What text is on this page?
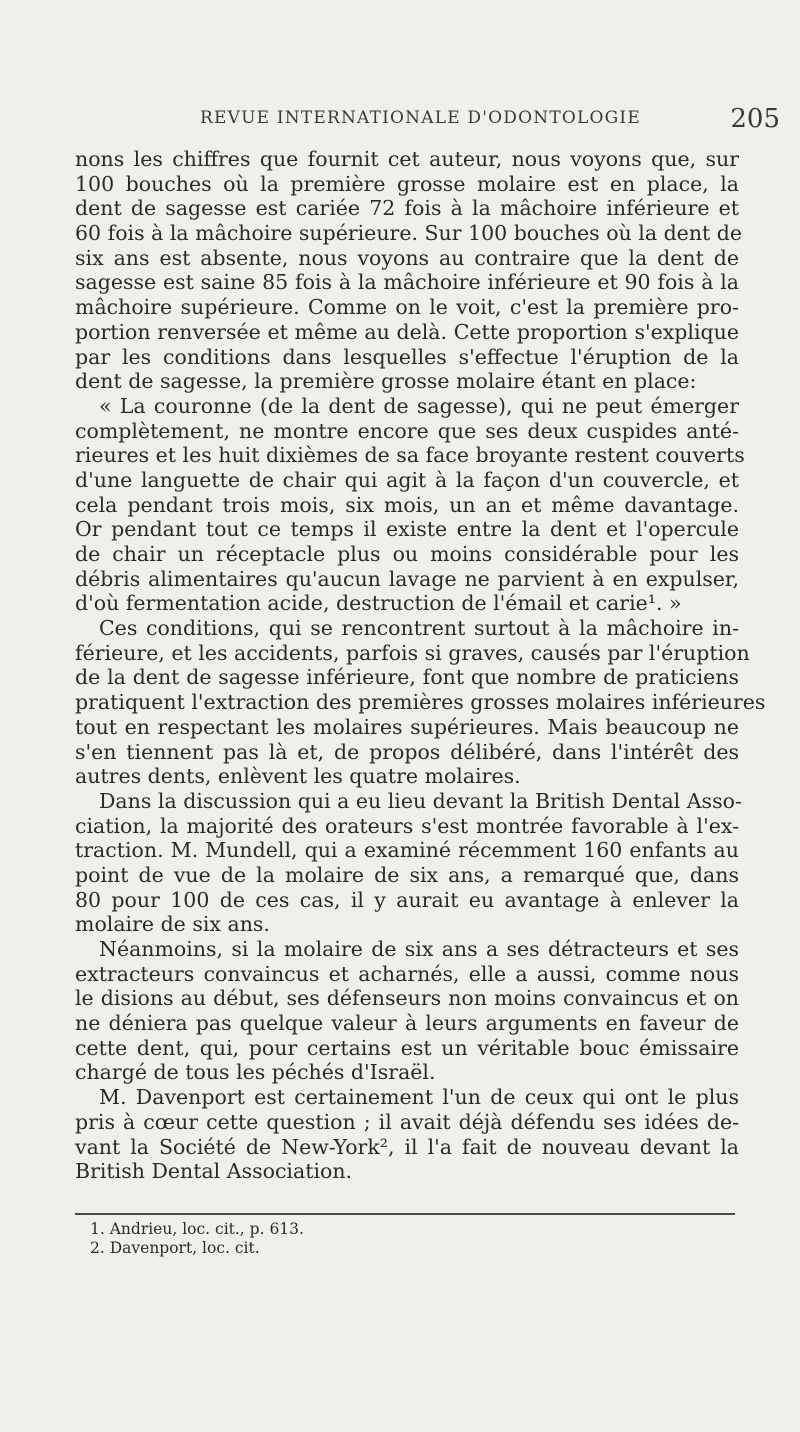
REVUE INTERNATIONALE D'ODONTOLOGIE	205
nons les chiffres que fournit cet auteur, nous voyons que, sur
100 bouches où la première grosse molaire est en place, la
dent de sagesse est cariée 72 fois à la mâchoire inférieure et
60 fois à la mâchoire supérieure. Sur 100 bouches où la dent de
six ans est absente, nous voyons au contraire que la dent de
sagesse est saine 85 fois à la mâchoire inférieure et 90 fois à la
mâchoire supérieure. Comme on le voit, c'est la première pro-
portion renversée et même au delà. Cette proportion s'explique
par les conditions dans lesquelles s'effectue l'éruption de la
dent de sagesse, la première grosse molaire étant en place:
« La couronne (de la dent de sagesse), qui ne peut émerger
complètement, ne montre encore que ses deux cuspides anté-
rieures et les huit dixièmes de sa face broyante restent couverts
d'une languette de chair qui agit à la façon d'un couvercle, et
cela pendant trois mois, six mois, un an et même davantage.
Or pendant tout ce temps il existe entre la dent et l'opercule
de chair un réceptacle plus ou moins considérable pour les
débris alimentaires qu'aucun lavage ne parvient à en expulser,
d'où fermentation acide, destruction de l'émail et carie¹. »
Ces conditions, qui se rencontrent surtout à la mâchoire in-
férieure, et les accidents, parfois si graves, causés par l'éruption
de la dent de sagesse inférieure, font que nombre de praticiens
pratiquent l'extraction des premières grosses molaires inférieures
tout en respectant les molaires supérieures. Mais beaucoup ne
s'en tiennent pas là et, de propos délibéré, dans l'intérêt des
autres dents, enlèvent les quatre molaires.
Dans la discussion qui a eu lieu devant la British Dental Asso-
ciation, la majorité des orateurs s'est montrée favorable à l'ex-
traction. M. Mundell, qui a examiné récemment 160 enfants au
point de vue de la molaire de six ans, a remarqué que, dans
80 pour 100 de ces cas, il y aurait eu avantage à enlever la
molaire de six ans.
Néanmoins, si la molaire de six ans a ses détracteurs et ses
extracteurs convaincus et acharnés, elle a aussi, comme nous
le disions au début, ses défenseurs non moins convaincus et on
ne déniera pas quelque valeur à leurs arguments en faveur de
cette dent, qui, pour certains est un véritable bouc émissaire
chargé de tous les péchés d'Israël.
M. Davenport est certainement l'un de ceux qui ont le plus
pris à cœur cette question ; il avait déjà défendu ses idées de-
vant la Société de New-York², il l'a fait de nouveau devant la
British Dental Association.
1. Andrieu, loc. cit., p. 613.
2. Davenport, loc. cit.
